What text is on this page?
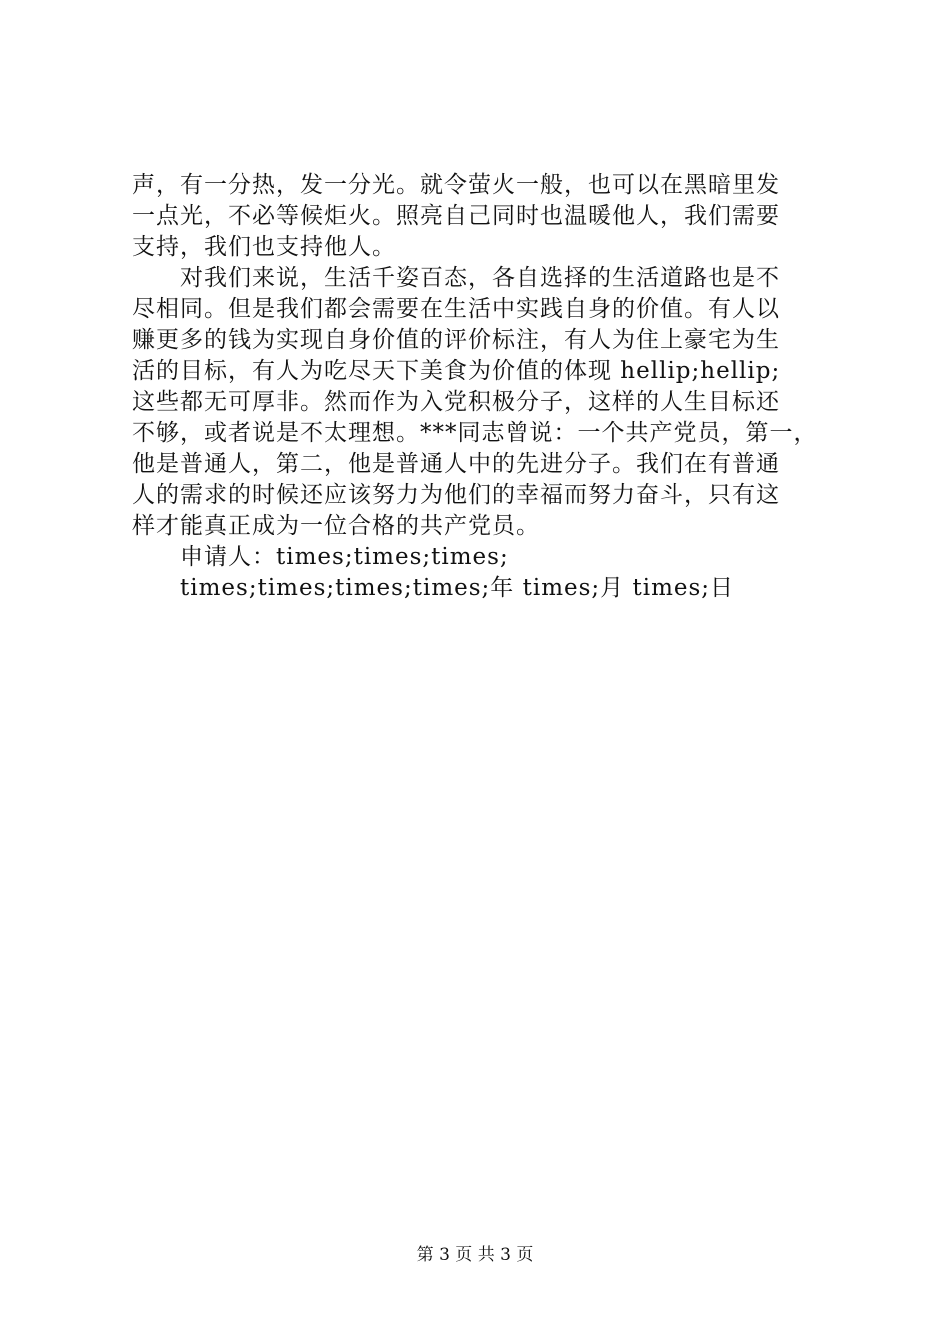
声，有一分热，发一分光。就令萤火一般，也可以在黑暗里发
一点光，不必等候炬火。照亮自己同时也温暖他人，我们需要
支持，我们也支持他人。
对我们来说，生活千姿百态，各自选择的生活道路也是不
尽相同。但是我们都会需要在生活中实践自身的价值。有人以
赚更多的钱为实现自身价值的评价标注，有人为住上豪宅为生
活的目标，有人为吃尽天下美食为价值的体现 hellip;hellip;
这些都无可厚非。然而作为入党积极分子，这样的人生目标还
不够，或者说是不太理想。***同志曾说：一个共产党员，第一，
他是普通人，第二，他是普通人中的先进分子。我们在有普通
人的需求的时候还应该努力为他们的幸福而努力奋斗，只有这
样才能真正成为一位合格的共产党员。
申请人：times;times;times;
times;times;times;times;年 times;月 times;日
第 3 页 共 3 页
